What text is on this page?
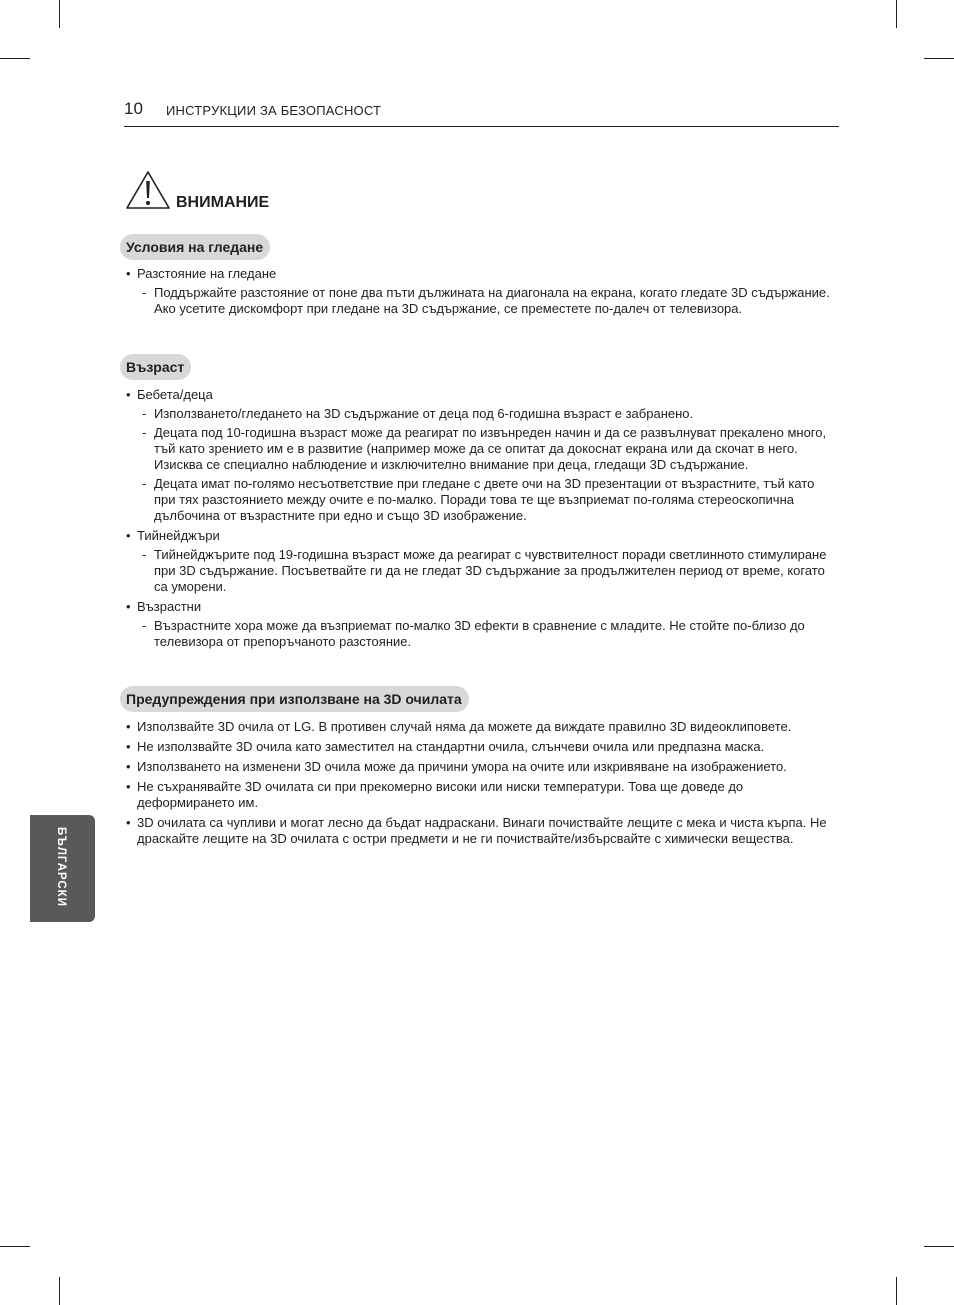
10 ИНСТРУКЦИИ ЗА БЕЗОПАСНОСТ
ВНИМАНИЕ
Условия на гледане

• Разстояние на гледане

- Поддържайте разстояние от поне два пъти дължината на диагонала на екрана, когато гледате 3D съдържание. Ако усетите дискомфорт при гледане на 3D съдържание, се преместете по-далеч от телевизора.
Възраст

• Бебета/деца

- Използването/гледането на 3D съдържание от деца под 6-годишна възраст е забранено.
- Децата под 10-годишна възраст може да реагират по извънреден начин и да се развълнуват прекалено много, тъй като зрението им е в развитие (например може да се опитат да докоснат екрана или да скочат в него. Изисква се специално наблюдение и изключително внимание при деца, гледащи 3D съдържание.
- Децата имат по-голямо несъответствие при гледане с двете очи на 3D презентации от възрастните, тъй като при тях разстоянието между очите е по-малко. Поради това те ще възприемат по-голяма стереоскопична дълбочина от възрастните при едно и също 3D изображение.

• Тийнейджъри

- Тийнейджърите под 19-годишна възраст може да реагират с чувствителност поради светлинното стимулиране при 3D съдържание. Посъветвайте ги да не гледат 3D съдържание за продължителен период от време, когато са уморени.

• Възрастни

- Възрастните хора може да възприемат по-малко 3D ефекти в сравнение с младите. Не стойте по-близо до телевизора от препоръчаното разстояние.
Предупреждения при използване на 3D очилата

• Използвайте 3D очила от LG. В противен случай няма да можете да виждате правилно 3D видеоклиповете.

• Не използвайте 3D очила като заместител на стандартни очила, слънчеви очила или предпазна маска.

• Използването на изменени 3D очила може да причини умора на очите или изкривяване на изображението.

• Не съхранявайте 3D очилата си при прекомерно високи или ниски температури. Това ще доведе до деформирането им.

• 3D очилата са чупливи и могат лесно да бъдат надраскани. Винаги почиствайте лещите с мека и чиста кърпа. Не драскайте лещите на 3D очилата с остри предмети и не ги почиствайте/избърсвайте с химически вещества.

БЪЛГАРСКИ
